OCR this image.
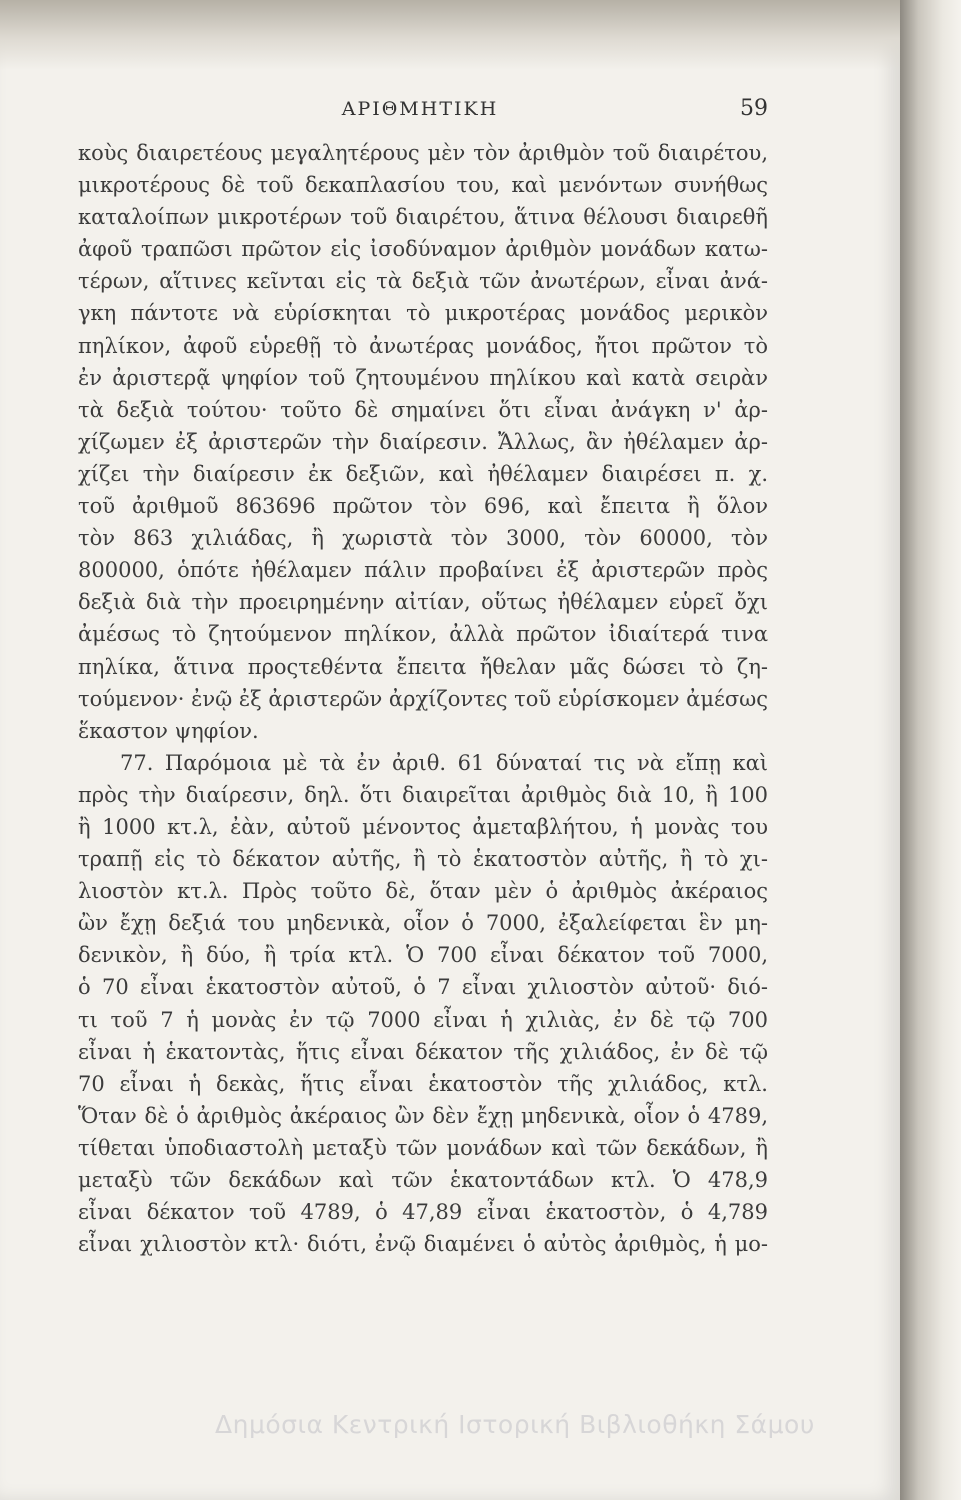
ΑΡΙΘΜΗΤΙΚΗ	59
κοὺς διαιρετέους μεγαλητέρους μὲν τὸν ἀριθμὸν τοῦ διαιρέτου,
μικροτέρους δὲ τοῦ δεκαπλασίου του, καὶ μενόντων συνήθως
καταλοίπων μικροτέρων τοῦ διαιρέτου, ἅτινα θέλουσι διαιρεθῆ
ἀφοῦ τραπῶσι πρῶτον εἰς ἰσοδύναμον ἀριθμὸν μονάδων κατω-
τέρων, αἵτινες κεῖνται εἰς τὰ δεξιὰ τῶν ἀνωτέρων, εἶναι ἀνά-
γκη πάντοτε νὰ εὑρίσκηται τὸ μικροτέρας μονάδος μερικὸν
πηλίκον, ἀφοῦ εὑρεθῇ τὸ ἀνωτέρας μονάδος, ἤτοι πρῶτον τὸ
ἐν ἀριστερᾷ ψηφίον τοῦ ζητουμένου πηλίκου καὶ κατὰ σειρὰν
τὰ δεξιὰ τούτου· τοῦτο δὲ σημαίνει ὅτι εἶναι ἀνάγκη ν' ἀρ-
χίζωμεν ἐξ ἀριστερῶν τὴν διαίρεσιν. Ἄλλως, ἂν ἠθέλαμεν ἀρ-
χίζει τὴν διαίρεσιν ἐκ δεξιῶν, καὶ ἠθέλαμεν διαιρέσει π. χ.
τοῦ ἀριθμοῦ 863696 πρῶτον τὸν 696, καὶ ἔπειτα ἢ ὅλον
τὸν 863 χιλιάδας, ἢ χωριστὰ τὸν 3000, τὸν 60000, τὸν
800000, ὁπότε ἠθέλαμεν πάλιν προβαίνει ἐξ ἀριστερῶν πρὸς
δεξιὰ διὰ τὴν προειρημένην αἰτίαν, οὕτως ἠθέλαμεν εὑρεῖ ὄχι
ἀμέσως τὸ ζητούμενον πηλίκον, ἀλλὰ πρῶτον ἰδιαίτερά τινα
πηλίκα, ἅτινα προςτεθέντα ἔπειτα ἤθελαν μᾶς δώσει τὸ ζη-
τούμενον· ἐνῷ ἐξ ἀριστερῶν ἀρχίζοντες τοῦ εὑρίσκομεν ἀμέσως
ἕκαστον ψηφίον.
77. Παρόμοια μὲ τὰ ἐν ἀριθ. 61 δύναταί τις νὰ εἴπῃ καὶ
πρὸς τὴν διαίρεσιν, δηλ. ὅτι διαιρεῖται ἀριθμὸς διὰ 10, ἢ 100
ἢ 1000 κτ.λ, ἐὰν, αὐτοῦ μένοντος ἀμεταβλήτου, ἡ μονὰς του
τραπῇ εἰς τὸ δέκατον αὐτῆς, ἢ τὸ ἑκατοστὸν αὐτῆς, ἢ τὸ χι-
λιοστὸν κτ.λ. Πρὸς τοῦτο δὲ, ὅταν μὲν ὁ ἀριθμὸς ἀκέραιος
ὢν ἔχῃ δεξιά του μηδενικὰ, οἷον ὁ 7000, ἐξαλείφεται ἓν μη-
δενικὸν, ἢ δύο, ἢ τρία κτλ. Ὁ 700 εἶναι δέκατον τοῦ 7000,
ὁ 70 εἶναι ἑκατοστὸν αὐτοῦ, ὁ 7 εἶναι χιλιοστὸν αὐτοῦ· διό-
τι τοῦ 7 ἡ μονὰς ἐν τῷ 7000 εἶναι ἡ χιλιὰς, ἐν δὲ τῷ 700
εἶναι ἡ ἑκατοντὰς, ἥτις εἶναι δέκατον τῆς χιλιάδος, ἐν δὲ τῷ
70 εἶναι ἡ δεκὰς, ἥτις εἶναι ἑκατοστὸν τῆς χιλιάδος, κτλ.
Ὅταν δὲ ὁ ἀριθμὸς ἀκέραιος ὢν δὲν ἔχῃ μηδενικὰ, οἷον ὁ 4789,
τίθεται ὑποδιαστολὴ μεταξὺ τῶν μονάδων καὶ τῶν δεκάδων, ἢ
μεταξὺ τῶν δεκάδων καὶ τῶν ἑκατοντάδων κτλ. Ὁ 478,9
εἶναι δέκατον τοῦ 4789, ὁ 47,89 εἶναι ἑκατοστὸν, ὁ 4,789
εἶναι χιλιοστὸν κτλ· διότι, ἐνῷ διαμένει ὁ αὐτὸς ἀριθμὸς, ἡ μο-
Δημόσια Κεντρική Ιστορική Βιβλιοθήκη Σάμου
